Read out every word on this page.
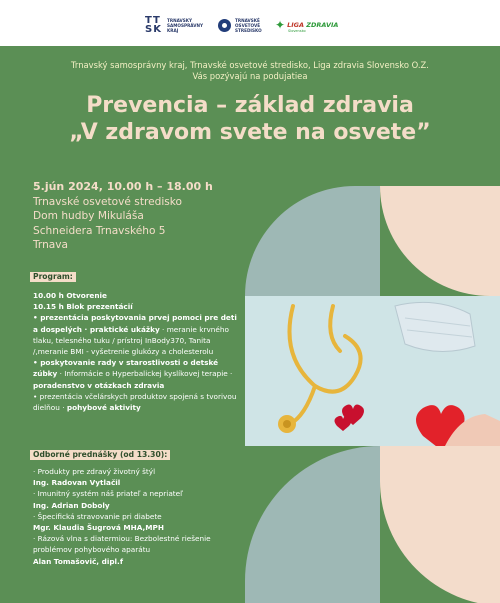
TT SK
TRNAVSKÝ SAMOSPRÁVNY KRAJ
TRNAVSKÉ OSVETOVÉ STREDISKO	✦ LIGA ZDRAVIA
Slovensko
Trnavský samosprávny kraj, Trnavské osvetové stredisko, Liga zdravia Slovensko O.Z.
Vás pozývajú na podujatiea
Prevencia – základ zdravia
„V zdravom svete na osvete”
5.jún 2024, 10.00 h – 18.00 h
Trnavské osvetové stredisko
Dom hudby Mikuláša
Schneidera Trnavského 5
Trnava
Program:
10.00 h Otvorenie
10.15 h Blok prezentácií
• prezentácia poskytovania prvej pomoci pre deti a dospelých · praktické ukážky · meranie krvného tlaku, telesného tuku / prístroj InBody370, Tanita /,meranie BMI - vyšetrenie glukózy a cholesterolu
• poskytovanie rady v starostlivosti o detské zúbky · Informácie o Hyperbalickej kyslíkovej terapie · poradenstvo v otázkach zdravia
• prezentácia včelárskych produktov spojená s tvorivou dielňou · pohybové aktivity
Odborné prednášky (od 13.30):
· Produkty pre zdravý životný štýl
Ing. Radovan Vytlačil
· Imunitný systém náš priateľ a nepriateľ
Ing. Adrian Doboly
· Špecifická stravovanie pri diabete
Mgr. Klaudia Šugrová MHA,MPH
· Rázová vlna s diatermiou: Bezbolestné riešenie problémov pohybového aparátu
Alan Tomašovič, dipl.f
